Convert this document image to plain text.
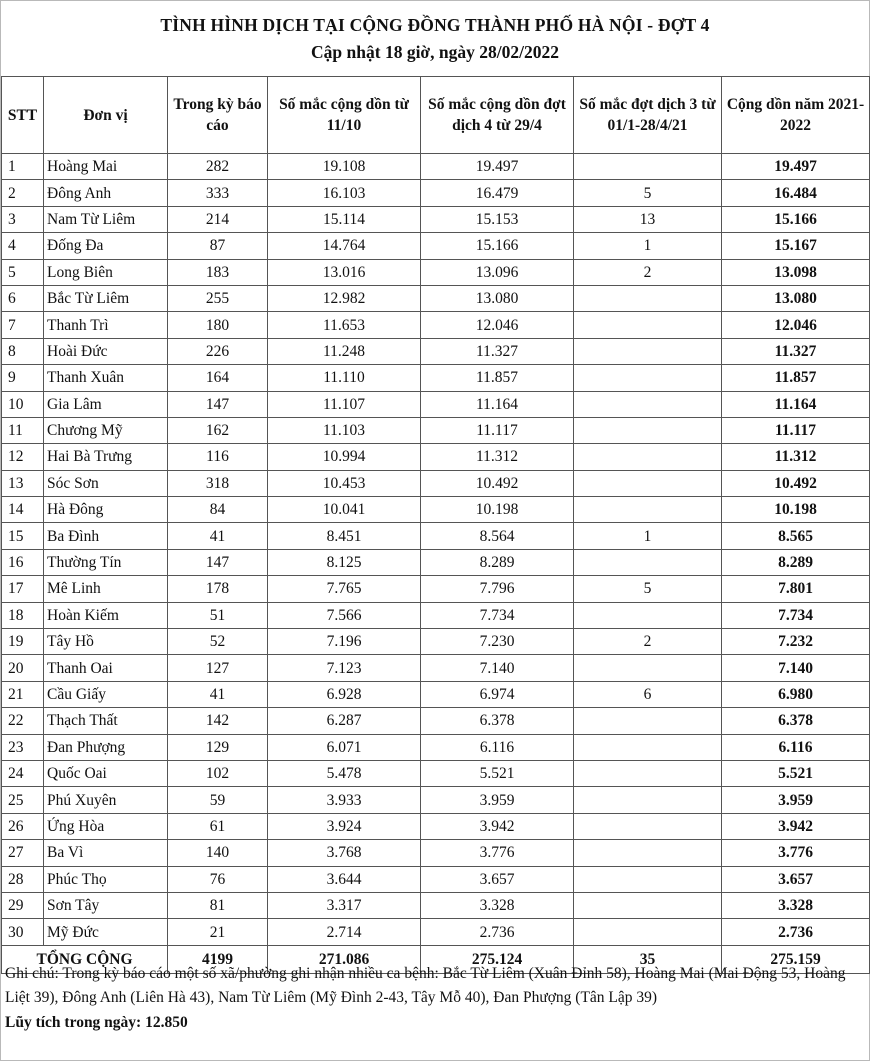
TÌNH HÌNH DỊCH TẠI CỘNG ĐỒNG THÀNH PHỐ HÀ NỘI - ĐỢT 4
Cập nhật 18 giờ, ngày 28/02/2022
STT	Đơn vị	Trong kỳ báo cáo	Số mắc cộng dồn từ 11/10	Số mắc cộng dồn đợt dịch 4 từ 29/4	Số mắc đợt dịch 3 từ 01/1-28/4/21	Cộng dồn năm 2021-2022
1	Hoàng Mai	282	19.108	19.497		19.497
2	Đông Anh	333	16.103	16.479	5	16.484
3	Nam Từ Liêm	214	15.114	15.153	13	15.166
4	Đống Đa	87	14.764	15.166	1	15.167
5	Long Biên	183	13.016	13.096	2	13.098
6	Bắc Từ Liêm	255	12.982	13.080		13.080
7	Thanh Trì	180	11.653	12.046		12.046
8	Hoài Đức	226	11.248	11.327		11.327
9	Thanh Xuân	164	11.110	11.857		11.857
10	Gia Lâm	147	11.107	11.164		11.164
11	Chương Mỹ	162	11.103	11.117		11.117
12	Hai Bà Trưng	116	10.994	11.312		11.312
13	Sóc Sơn	318	10.453	10.492		10.492
14	Hà Đông	84	10.041	10.198		10.198
15	Ba Đình	41	8.451	8.564	1	8.565
16	Thường Tín	147	8.125	8.289		8.289
17	Mê Linh	178	7.765	7.796	5	7.801
18	Hoàn Kiếm	51	7.566	7.734		7.734
19	Tây Hồ	52	7.196	7.230	2	7.232
20	Thanh Oai	127	7.123	7.140		7.140
21	Cầu Giấy	41	6.928	6.974	6	6.980
22	Thạch Thất	142	6.287	6.378		6.378
23	Đan Phượng	129	6.071	6.116		6.116
24	Quốc Oai	102	5.478	5.521		5.521
25	Phú Xuyên	59	3.933	3.959		3.959
26	Ứng Hòa	61	3.924	3.942		3.942
27	Ba Vì	140	3.768	3.776		3.776
28	Phúc Thọ	76	3.644	3.657		3.657
29	Sơn Tây	81	3.317	3.328		3.328
30	Mỹ Đức	21	2.714	2.736		2.736
TỔNG CỘNG		4199	271.086	275.124	35	275.159
Ghi chú: Trong kỳ báo cáo một số xã/phường ghi nhận nhiều ca bệnh: Bắc Từ Liêm (Xuân Đỉnh 58), Hoàng Mai (Mai Động 53, Hoàng Liệt 39), Đông Anh (Liên Hà 43), Nam Từ Liêm (Mỹ Đình 2-43, Tây Mỗ 40), Đan Phượng (Tân Lập 39)
Lũy tích trong ngày: 12.850
